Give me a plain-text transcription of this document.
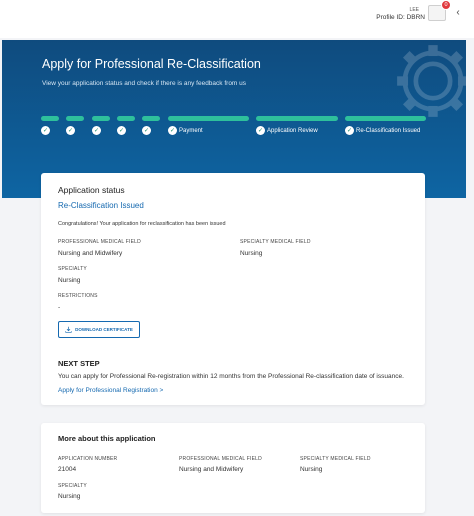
LEE
Profile ID: DBRN
0
‹
Apply for Professional Re-Classification
View your application status and check if there is any feedback from us
✓	✓	✓	✓	✓	✓ Payment	✓ Application Review	✓ Re-Classification Issued
Application status
Re-Classification Issued
Congratulations! Your application for reclassification has been issued
PROFESSIONAL MEDICAL FIELD
Nursing and Midwifery
SPECIALTY MEDICAL FIELD
Nursing
SPECIALTY
Nursing
RESTRICTIONS
-
DOWNLOAD CERTIFICATE
NEXT STEP
You can apply for Professional Re-registration within 12 months from the Professional Re-classification date of issuance.
Apply for Professional Registration >
More about this application
APPLICATION NUMBER
21004
PROFESSIONAL MEDICAL FIELD
Nursing and Midwifery
SPECIALTY MEDICAL FIELD
Nursing
SPECIALTY
Nursing
